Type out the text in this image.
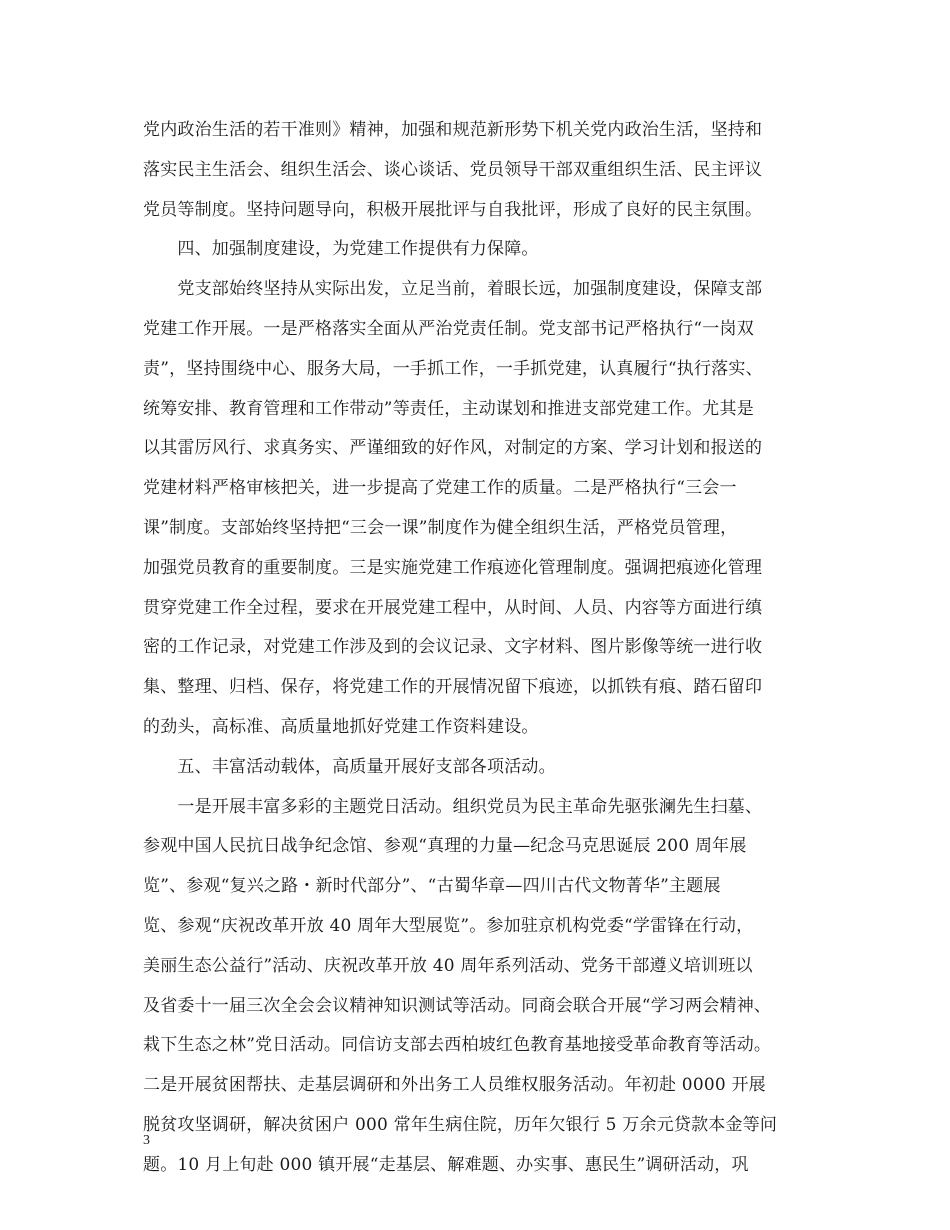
党内政治生活的若干准则》精神，加强和规范新形势下机关党内政治生活，坚持和
落实民主生活会、组织生活会、谈心谈话、党员领导干部双重组织生活、民主评议
党员等制度。坚持问题导向，积极开展批评与自我批评，形成了良好的民主氛围。
　　四、加强制度建设，为党建工作提供有力保障。
　　党支部始终坚持从实际出发，立足当前，着眼长远，加强制度建设，保障支部
党建工作开展。一是严格落实全面从严治党责任制。党支部书记严格执行“一岗双
责”，坚持围绕中心、服务大局，一手抓工作，一手抓党建，认真履行“执行落实、
统筹安排、教育管理和工作带动”等责任，主动谋划和推进支部党建工作。尤其是
以其雷厉风行、求真务实、严谨细致的好作风，对制定的方案、学习计划和报送的
党建材料严格审核把关，进一步提高了党建工作的质量。二是严格执行“三会一
课”制度。支部始终坚持把“三会一课”制度作为健全组织生活，严格党员管理，
加强党员教育的重要制度。三是实施党建工作痕迹化管理制度。强调把痕迹化管理
贯穿党建工作全过程，要求在开展党建工程中，从时间、人员、内容等方面进行缜
密的工作记录，对党建工作涉及到的会议记录、文字材料、图片影像等统一进行收
集、整理、归档、保存，将党建工作的开展情况留下痕迹，以抓铁有痕、踏石留印
的劲头，高标准、高质量地抓好党建工作资料建设。
　　五、丰富活动载体，高质量开展好支部各项活动。
　　一是开展丰富多彩的主题党日活动。组织党员为民主革命先驱张澜先生扫墓、
参观中国人民抗日战争纪念馆、参观“真理的力量—纪念马克思诞辰 200 周年展
览”、参观“复兴之路・新时代部分”、“古蜀华章—四川古代文物菁华”主题展
览、参观“庆祝改革开放 40 周年大型展览”。参加驻京机构党委“学雷锋在行动，
美丽生态公益行”活动、庆祝改革开放 40 周年系列活动、党务干部遵义培训班以
及省委十一届三次全会会议精神知识测试等活动。同商会联合开展“学习两会精神、
栽下生态之林”党日活动。同信访支部去西柏坡红色教育基地接受革命教育等活动。
二是开展贫困帮扶、走基层调研和外出务工人员维权服务活动。年初赴 0000 开展
脱贫攻坚调研，解决贫困户 000 常年生病住院，历年欠银行 5 万余元贷款本金等问
题。10 月上旬赴 000 镇开展“走基层、解难题、办实事、惠民生”调研活动，巩
3
